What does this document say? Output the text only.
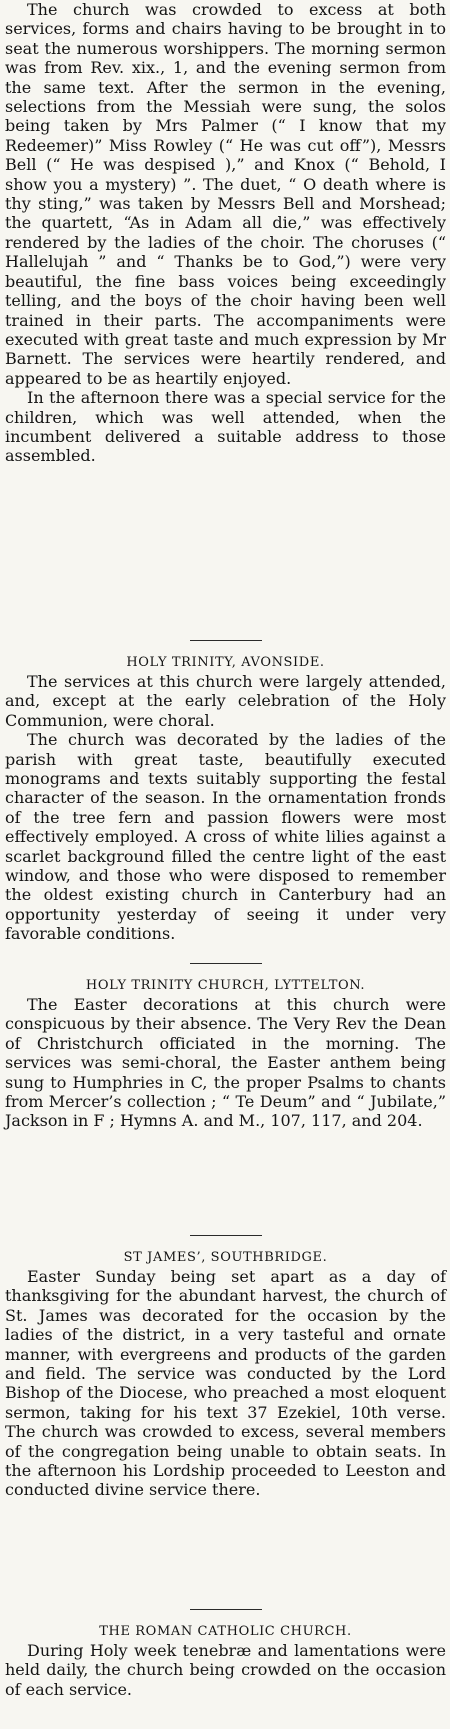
The church was crowded to excess at both services, forms and chairs having to be brought in to seat the numerous worshippers. The morning sermon was from Rev. xix., 1, and the evening sermon from the same text. After the sermon in the evening, selections from the Messiah were sung, the solos being taken by Mrs Palmer (“ I know that my Redeemer)” Miss Rowley (“ He was cut off”), Messrs Bell (“ He was despised ),” and Knox (“ Behold, I show you a mystery) ”. The duet, “ O death where is thy sting,” was taken by Messrs Bell and Morshead; the quartett, “As in Adam all die,” was effectively rendered by the ladies of the choir. The choruses (“ Hallelujah ” and “ Thanks be to God,”) were very beautiful, the fine bass voices being exceedingly telling, and the boys of the choir having been well trained in their parts. The accompaniments were executed with great taste and much expression by Mr Barnett. The services were heartily rendered, and appeared to be as heartily enjoyed.

In the afternoon there was a special service for the children, which was well attended, when the incumbent delivered a suitable address to those assembled.

HOLY TRINITY, AVONSIDE.

The services at this church were largely attended, and, except at the early celebration of the Holy Communion, were choral.

The church was decorated by the ladies of the parish with great taste, beautifully executed monograms and texts suitably supporting the festal character of the season. In the ornamentation fronds of the tree fern and passion flowers were most effectively employed. A cross of white lilies against a scarlet background filled the centre light of the east window, and those who were disposed to remember the oldest existing church in Canterbury had an opportunity yesterday of seeing it under very favorable conditions.

HOLY TRINITY CHURCH, LYTTELTON.

The Easter decorations at this church were conspicuous by their absence. The Very Rev the Dean of Christchurch officiated in the morning. The services was semi-choral, the Easter anthem being sung to Humphries in C, the proper Psalms to chants from Mercer’s collection ; “ Te Deum” and “ Jubilate,” Jackson in F ; Hymns A. and M., 107, 117, and 204.

ST JAMES’, SOUTHBRIDGE.

Easter Sunday being set apart as a day of thanksgiving for the abundant harvest, the church of St. James was decorated for the occasion by the ladies of the district, in a very tasteful and ornate manner, with evergreens and products of the garden and field. The service was conducted by the Lord Bishop of the Diocese, who preached a most eloquent sermon, taking for his text 37 Ezekiel, 10th verse. The church was crowded to excess, several members of the congregation being unable to obtain seats. In the afternoon his Lordship proceeded to Leeston and conducted divine service there.

THE ROMAN CATHOLIC CHURCH.

During Holy week tenebræ and lamentations were held daily, the church being crowded on the occasion of each service.
